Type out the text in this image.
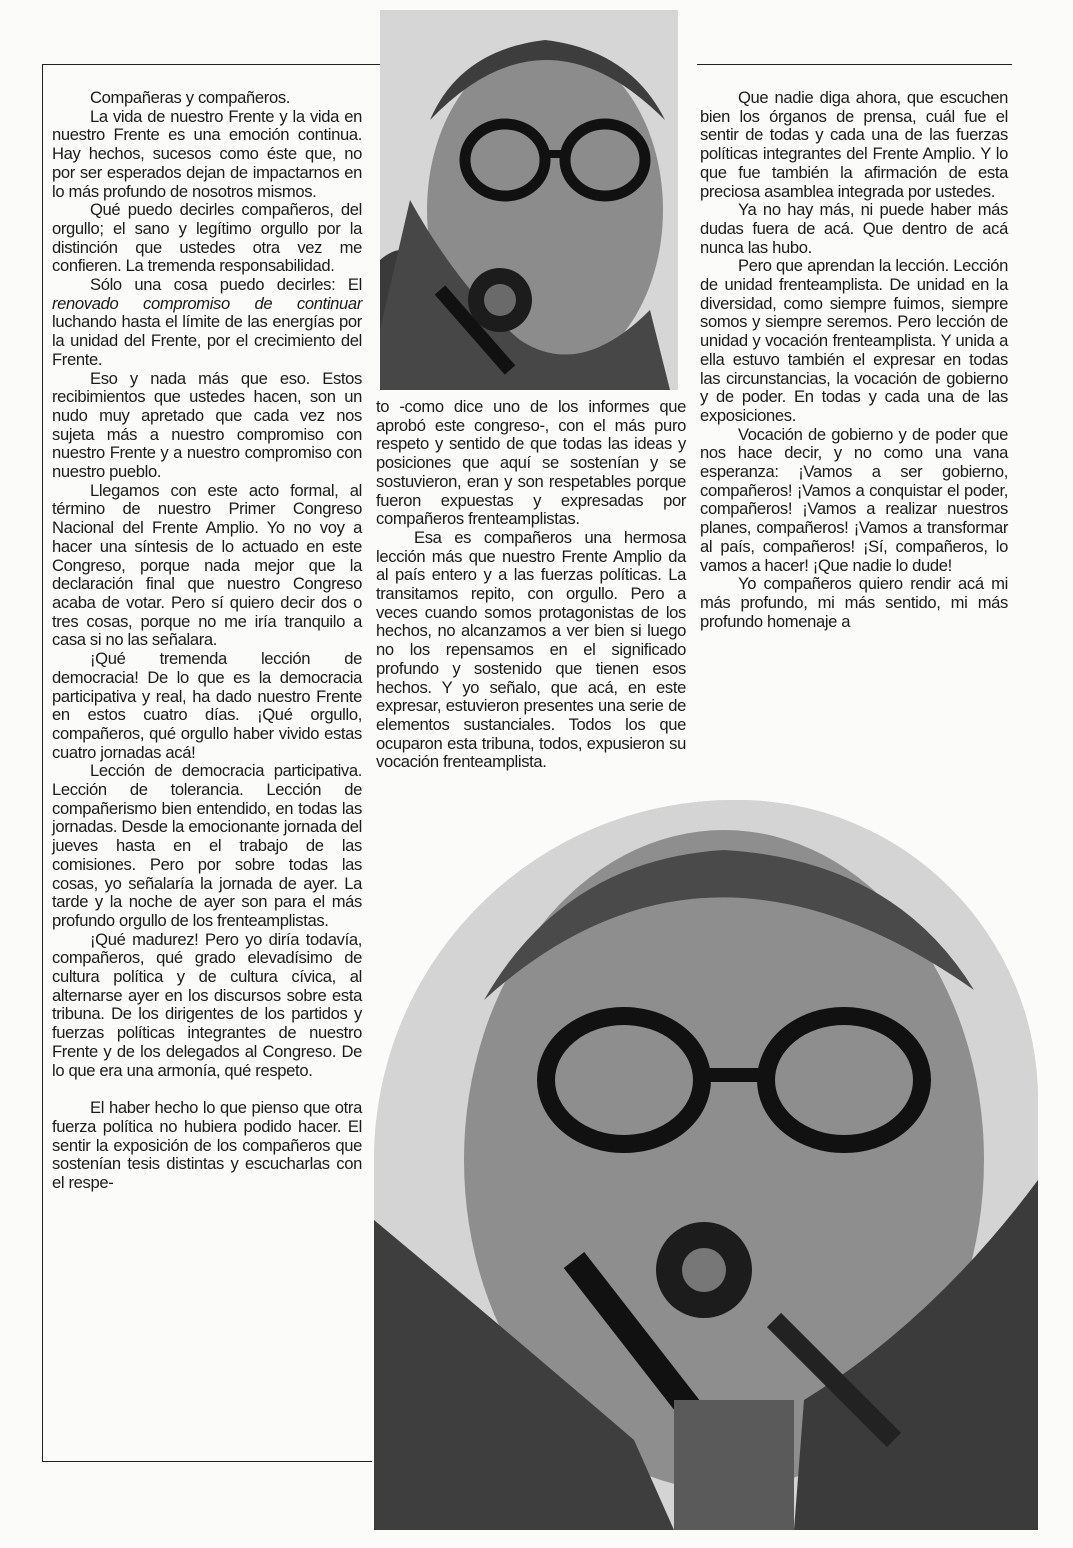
Compañeras y compañeros.

La vida de nuestro Frente y la vida en nuestro Frente es una emoción continua. Hay hechos, sucesos como éste que, no por ser esperados dejan de impactarnos en lo más profundo de nosotros mismos.

Qué puedo decirles compañeros, del orgullo; el sano y legítimo orgullo por la distinción que ustedes otra vez me confieren. La tremenda responsabilidad.

Sólo una cosa puedo decirles: El renovado compromiso de continuar luchando hasta el límite de las energías por la unidad del Frente, por el crecimiento del Frente.

Eso y nada más que eso. Estos recibimientos que ustedes hacen, son un nudo muy apretado que cada vez nos sujeta más a nuestro compromiso con nuestro Frente y a nuestro compromiso con nuestro pueblo.

Llegamos con este acto formal, al término de nuestro Primer Congreso Nacional del Frente Amplio. Yo no voy a hacer una síntesis de lo actuado en este Congreso, porque nada mejor que la declaración final que nuestro Congreso acaba de votar. Pero sí quiero decir dos o tres cosas, porque no me iría tranquilo a casa si no las señalara.

¡Qué tremenda lección de democracia! De lo que es la democracia participativa y real, ha dado nuestro Frente en estos cuatro días. ¡Qué orgullo, compañeros, qué orgullo haber vivido estas cuatro jornadas acá!

Lección de democracia participativa. Lección de tolerancia. Lección de compañerismo bien entendido, en todas las jornadas. Desde la emocionante jornada del jueves hasta en el trabajo de las comisiones. Pero por sobre todas las cosas, yo señalaría la jornada de ayer. La tarde y la noche de ayer son para el más profundo orgullo de los frenteamplistas.

¡Qué madurez! Pero yo diría todavía, compañeros, qué grado elevadísimo de cultura política y de cultura cívica, al alternarse ayer en los discursos sobre esta tribuna. De los dirigentes de los partidos y fuerzas políticas integrantes de nuestro Frente y de los delegados al Congreso. De lo que era una armonía, qué respeto.

El haber hecho lo que pienso que otra fuerza política no hubiera podido hacer. El sentir la exposición de los compañeros que sostenían tesis distintas y escucharlas con el respe-

to -como dice uno de los informes que aprobó este congreso-, con el más puro respeto y sentido de que todas las ideas y posiciones que aquí se sostenían y se sostuvieron, eran y son respetables porque fueron expuestas y expresadas por compañeros frenteamplistas.

Esa es compañeros una hermosa lección más que nuestro Frente Amplio da al país entero y a las fuerzas políticas. La transitamos repito, con orgullo. Pero a veces cuando somos protagonistas de los hechos, no alcanzamos a ver bien si luego no los repensamos en el significado profundo y sostenido que tienen esos hechos. Y yo señalo, que acá, en este expresar, estuvieron presentes una serie de elementos sustanciales. Todos los que ocuparon esta tribuna, todos, expusieron su vocación frenteamplista.

Que nadie diga ahora, que escuchen bien los órganos de prensa, cuál fue el sentir de todas y cada una de las fuerzas políticas integrantes del Frente Amplio. Y lo que fue también la afirmación de esta preciosa asamblea integrada por ustedes.

Ya no hay más, ni puede haber más dudas fuera de acá. Que dentro de acá nunca las hubo.

Pero que aprendan la lección. Lección de unidad frenteamplista. De unidad en la diversidad, como siempre fuimos, siempre somos y siempre seremos. Pero lección de unidad y vocación frenteamplista. Y unida a ella estuvo también el expresar en todas las circunstancias, la vocación de gobierno y de poder. En todas y cada una de las exposiciones.

Vocación de gobierno y de poder que nos hace decir, y no como una vana esperanza: ¡Vamos a ser gobierno, compañeros! ¡Vamos a conquistar el poder, compañeros! ¡Vamos a realizar nuestros planes, compañeros! ¡Vamos a transformar al país, compañeros! ¡Sí, compañeros, lo vamos a hacer! ¡Que nadie lo dude!

Yo compañeros quiero rendir acá mi más profundo, mi más sentido, mi más profundo homenaje a
